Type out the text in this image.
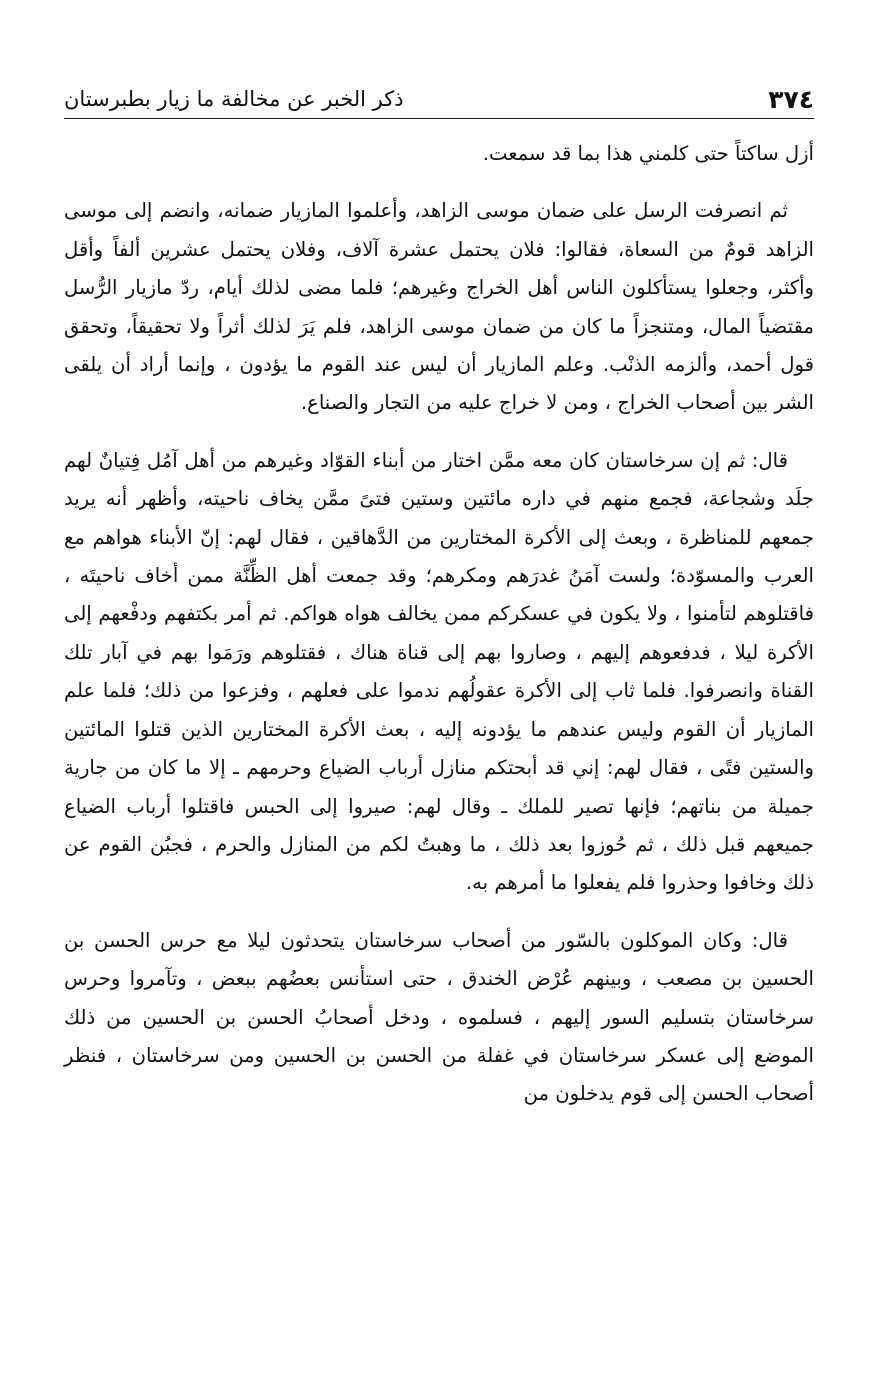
٣٧٤
ذكر الخبر عن مخالفة ما زيار بطبرستان

أزل ساكتاً حتى كلمني هذا بما قد سمعت.

ثم انصرفت الرسل على ضمان موسى الزاهد، وأعلموا المازيار ضمانه، وانضم إلى موسى الزاهد قومٌ من السعاة، فقالوا: فلان يحتمل عشرة آلاف، وفلان يحتمل عشرين ألفاً وأقل وأكثر، وجعلوا يستأكلون الناس أهل الخراج وغيرهم؛ فلما مضى لذلك أيام، ردّ مازيار الرُّسل مقتضياً المال، ومتنجزاً ما كان من ضمان موسى الزاهد، فلم يَرَ لذلك أثراً ولا تحقيقاً، وتحقق قول أحمد، وألزمه الذنْب. وعلم المازيار أن ليس عند القوم ما يؤدون ، وإنما أراد أن يلقى الشر بين أصحاب الخراج ، ومن لا خراج عليه من التجار والصناع.

قال: ثم إن سرخاستان كان معه ممَّن اختار من أبناء القوّاد وغيرهم من أهل آمُل فِتيانٌ لهم جلَد وشجاعة، فجمع منهم في داره مائتين وستين فتىً ممَّن يخاف ناحيته، وأظهر أنه يريد جمعهم للمناظرة ، وبعث إلى الأكرة المختارين من الدَّهاقين ، فقال لهم: إنّ الأبناء هواهم مع العرب والمسوّدة؛ ولست آمَنُ غدرَهم ومكرهم؛ وقد جمعت أهل الظِّنَّة ممن أخاف ناحيتَه ، فاقتلوهم لتأمنوا ، ولا يكون في عسكركم ممن يخالف هواه هواكم. ثم أمر بكتفهم ودفْعهم إلى الأكرة ليلا ، فدفعوهم إليهم ، وصاروا بهم إلى قناة هناك ، فقتلوهم ورَمَوا بهم في آبار تلك القناة وانصرفوا. فلما ثاب إلى الأكرة عقولُهم ندموا على فعلهم ، وفزعوا من ذلك؛ فلما علم المازيار أن القوم وليس عندهم ما يؤدونه إليه ، بعث الأكرة المختارين الذين قتلوا المائتين والستين فتًى ، فقال لهم: إني قد أبحتكم منازل أرباب الضياع وحرمهم ـ إلا ما كان من جارية جميلة من بناتهم؛ فإنها تصير للملك ـ وقال لهم: صيروا إلى الحبس فاقتلوا أرباب الضياع جميعهم قبل ذلك ، ثم حُوزوا بعد ذلك ، ما وهبتُ لكم من المنازل والحرم ، فجبُن القوم عن ذلك وخافوا وحذروا فلم يفعلوا ما أمرهم به.

قال: وكان الموكلون بالسّور من أصحاب سرخاستان يتحدثون ليلا مع حرس الحسن بن الحسين بن مصعب ، وبينهم عُرْض الخندق ، حتى استأنس بعضُهم ببعض ، وتآمروا وحرس سرخاستان بتسليم السور إليهم ، فسلموه ، ودخل أصحابُ الحسن بن الحسين من ذلك الموضع إلى عسكر سرخاستان في غفلة من الحسن بن الحسين ومن سرخاستان ، فنظر أصحاب الحسن إلى قوم يدخلون من
